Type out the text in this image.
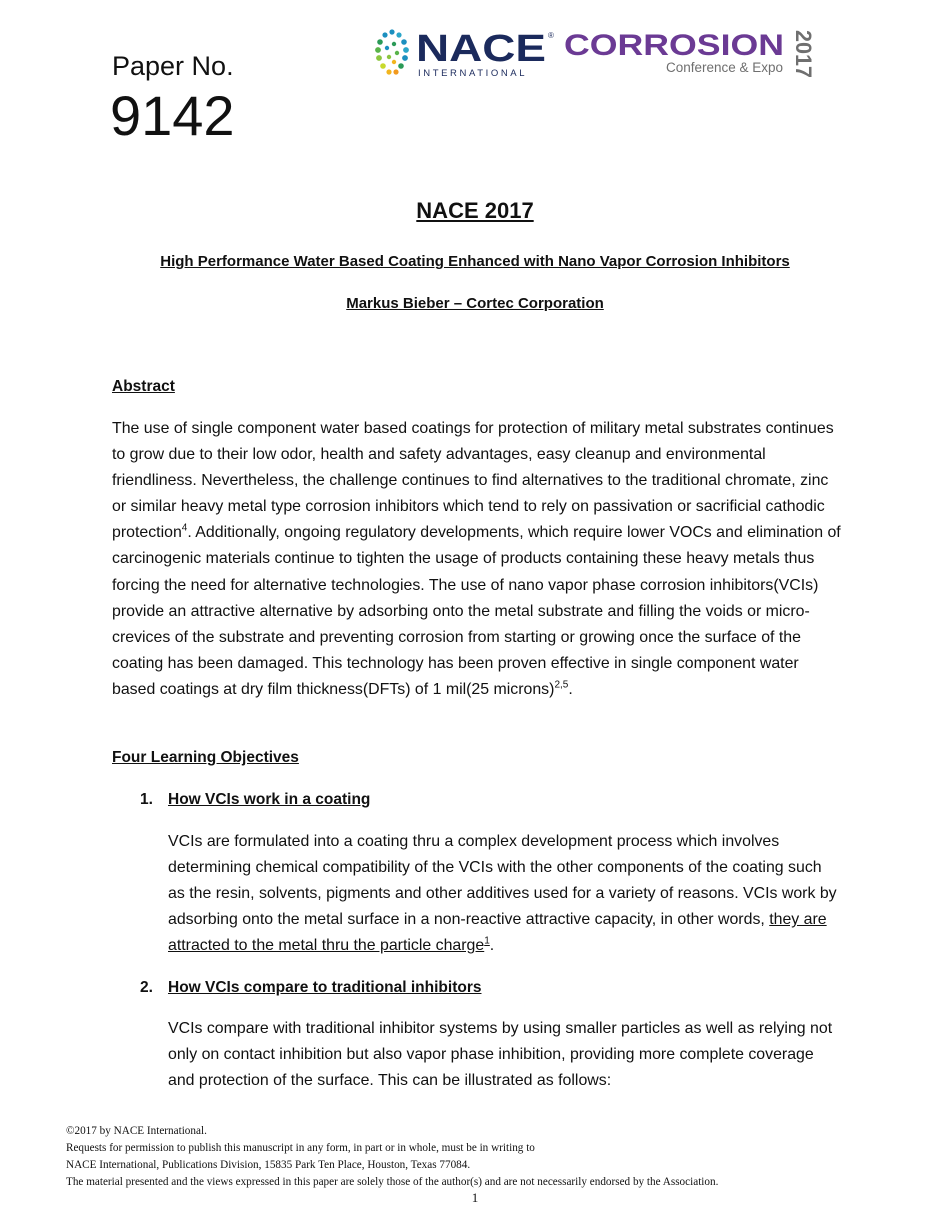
Paper No.
9142
NACE ®
INTERNATIONAL
CORROSION
Conference & Expo 2017
NACE 2017
High Performance Water Based Coating Enhanced with Nano Vapor Corrosion Inhibitors
Markus Bieber – Cortec Corporation
Abstract
The use of single component water based coatings for protection of military metal substrates continues to grow due to their low odor, health and safety advantages, easy cleanup and environmental friendliness. Nevertheless, the challenge continues to find alternatives to the traditional chromate, zinc or similar heavy metal type corrosion inhibitors which tend to rely on passivation or sacrificial cathodic protection$^4$. Additionally, ongoing regulatory developments, which require lower VOCs and elimination of carcinogenic materials continue to tighten the usage of products containing these heavy metals thus forcing the need for alternative technologies. The use of nano vapor phase corrosion inhibitors(VCIs) provide an attractive alternative by adsorbing onto the metal substrate and filling the voids or micro-crevices of the substrate and preventing corrosion from starting or growing once the surface of the coating has been damaged. This technology has been proven effective in single component water based coatings at dry film thickness(DFTs) of 1 mil(25 microns)$^{2,5}$.
Four Learning Objectives
1. How VCIs work in a coating
VCIs are formulated into a coating thru a complex development process which involves determining chemical compatibility of the VCIs with the other components of the coating such as the resin, solvents, pigments and other additives used for a variety of reasons. VCIs work by adsorbing onto the metal surface in a non-reactive attractive capacity, in other words, they are attracted to the metal thru the particle charge$^1$.
2. How VCIs compare to traditional inhibitors
VCIs compare with traditional inhibitor systems by using smaller particles as well as relying not only on contact inhibition but also vapor phase inhibition, providing more complete coverage and protection of the surface. This can be illustrated as follows:
©2017 by NACE International.
Requests for permission to publish this manuscript in any form, in part or in whole, must be in writing to
NACE International, Publications Division, 15835 Park Ten Place, Houston, Texas 77084.
The material presented and the views expressed in this paper are solely those of the author(s) and are not necessarily endorsed by the Association.
1
